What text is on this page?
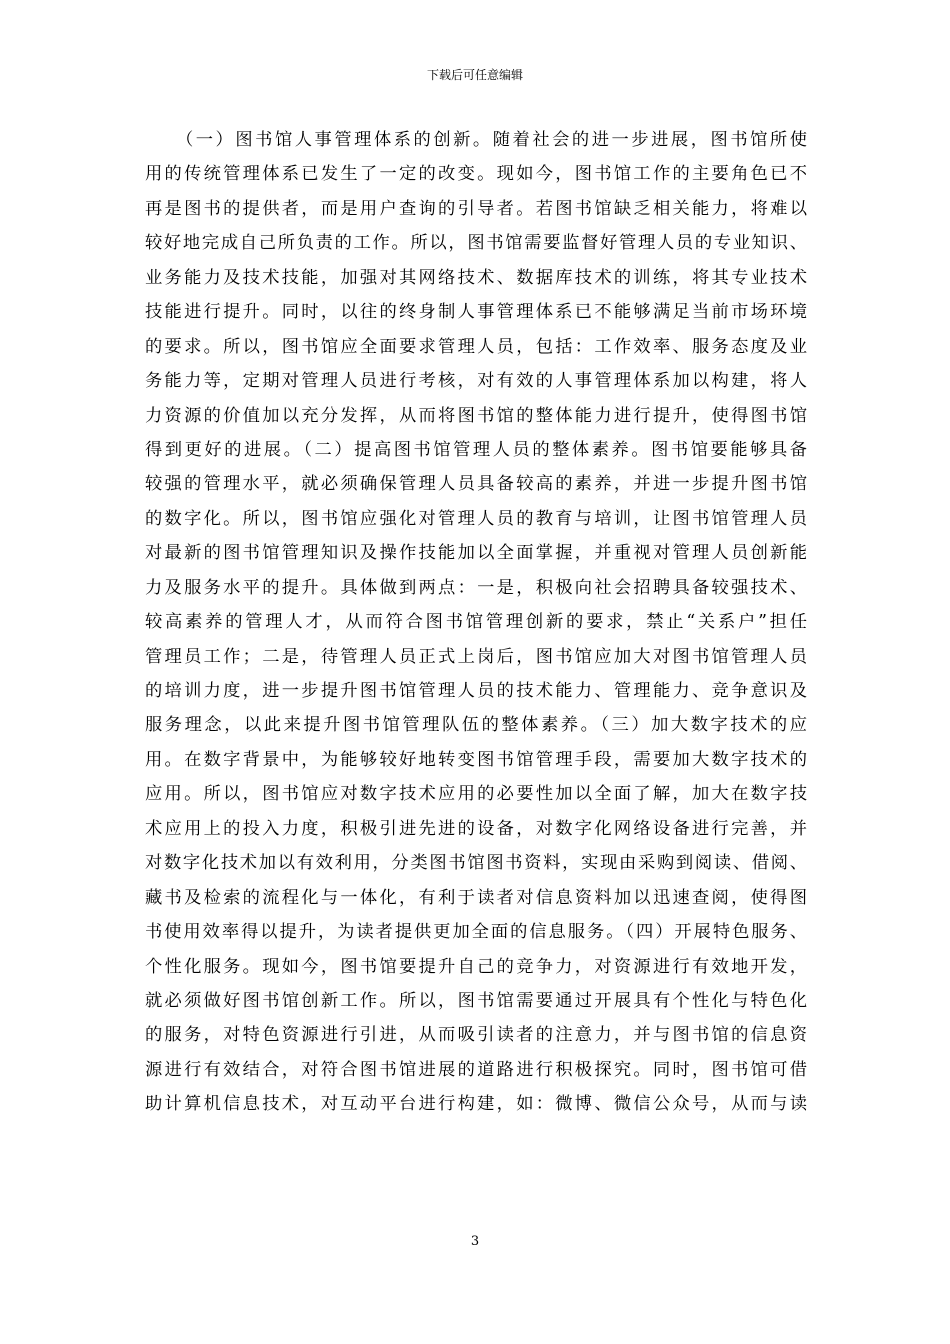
下载后可任意编辑
　　（一）图书馆人事管理体系的创新。随着社会的进一步进展，图书馆所使
用的传统管理体系已发生了一定的改变。现如今，图书馆工作的主要角色已不
再是图书的提供者，而是用户查询的引导者。若图书馆缺乏相关能力，将难以
较好地完成自己所负责的工作。所以，图书馆需要监督好管理人员的专业知识、
业务能力及技术技能，加强对其网络技术、数据库技术的训练，将其专业技术
技能进行提升。同时，以往的终身制人事管理体系已不能够满足当前市场环境
的要求。所以，图书馆应全面要求管理人员，包括：工作效率、服务态度及业
务能力等，定期对管理人员进行考核，对有效的人事管理体系加以构建，将人
力资源的价值加以充分发挥，从而将图书馆的整体能力进行提升，使得图书馆
得到更好的进展。（二）提高图书馆管理人员的整体素养。图书馆要能够具备
较强的管理水平，就必须确保管理人员具备较高的素养，并进一步提升图书馆
的数字化。所以，图书馆应强化对管理人员的教育与培训，让图书馆管理人员
对最新的图书馆管理知识及操作技能加以全面掌握，并重视对管理人员创新能
力及服务水平的提升。具体做到两点：一是，积极向社会招聘具备较强技术、
较高素养的管理人才，从而符合图书馆管理创新的要求，禁止“关系户”担任
管理员工作；二是，待管理人员正式上岗后，图书馆应加大对图书馆管理人员
的培训力度，进一步提升图书馆管理人员的技术能力、管理能力、竞争意识及
服务理念，以此来提升图书馆管理队伍的整体素养。（三）加大数字技术的应
用。在数字背景中，为能够较好地转变图书馆管理手段，需要加大数字技术的
应用。所以，图书馆应对数字技术应用的必要性加以全面了解，加大在数字技
术应用上的投入力度，积极引进先进的设备，对数字化网络设备进行完善，并
对数字化技术加以有效利用，分类图书馆图书资料，实现由采购到阅读、借阅、
藏书及检索的流程化与一体化，有利于读者对信息资料加以迅速查阅，使得图
书使用效率得以提升，为读者提供更加全面的信息服务。（四）开展特色服务、
个性化服务。现如今，图书馆要提升自己的竞争力，对资源进行有效地开发，
就必须做好图书馆创新工作。所以，图书馆需要通过开展具有个性化与特色化
的服务，对特色资源进行引进，从而吸引读者的注意力，并与图书馆的信息资
源进行有效结合，对符合图书馆进展的道路进行积极探究。同时，图书馆可借
助计算机信息技术，对互动平台进行构建，如：微博、微信公众号，从而与读
3
